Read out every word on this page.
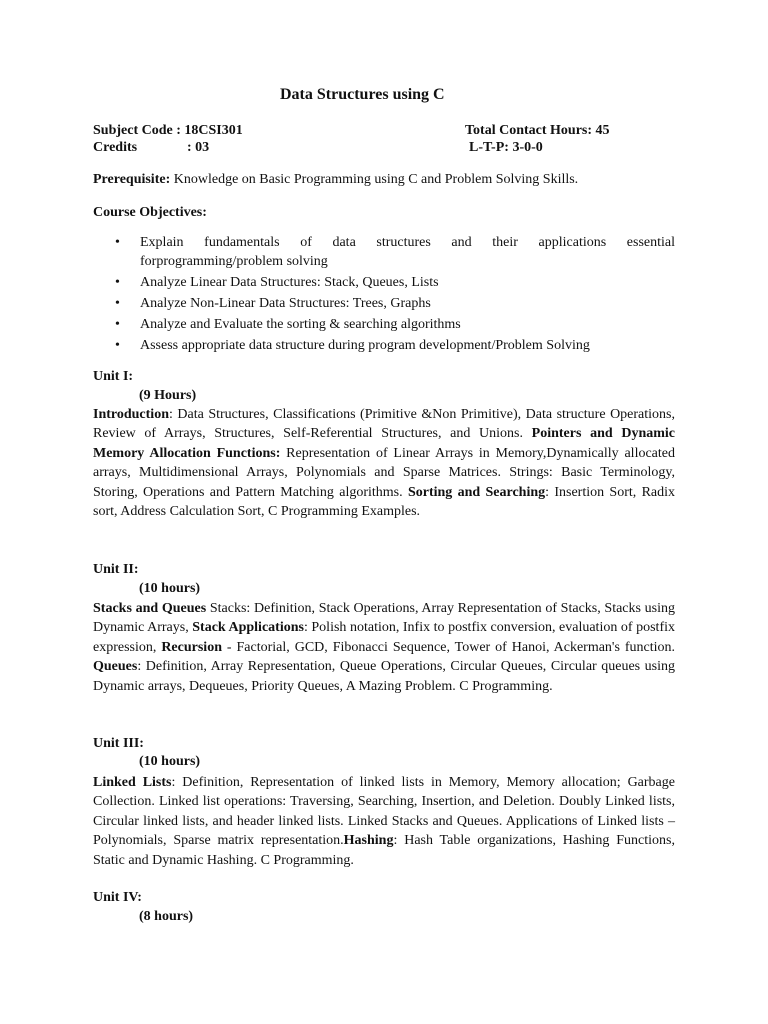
Data Structures using C
Subject Code : 18CSI301
Credits	: 03
Total Contact Hours: 45
L-T-P: 3-0-0
Prerequisite: Knowledge on Basic Programming using C and Problem Solving Skills.
Course Objectives:
• Explain fundamentals of data structures and their applications essential forprogramming/problem solving
• Analyze Linear Data Structures: Stack, Queues, Lists
• Analyze Non-Linear Data Structures: Trees, Graphs
• Analyze and Evaluate the sorting & searching algorithms
• Assess appropriate data structure during program development/Problem Solving
Unit I:
(9 Hours)
Introduction: Data Structures, Classifications (Primitive &Non Primitive), Data structure Operations, Review of Arrays, Structures, Self-Referential Structures, and Unions. Pointers and Dynamic Memory Allocation Functions: Representation of Linear Arrays in Memory,Dynamically allocated arrays, Multidimensional Arrays, Polynomials and Sparse Matrices. Strings: Basic Terminology, Storing, Operations and Pattern Matching algorithms. Sorting and Searching: Insertion Sort, Radix sort, Address Calculation Sort, C Programming Examples.
Unit II:
(10 hours)
Stacks and Queues Stacks: Definition, Stack Operations, Array Representation of Stacks, Stacks using Dynamic Arrays, Stack Applications: Polish notation, Infix to postfix conversion, evaluation of postfix expression, Recursion - Factorial, GCD, Fibonacci Sequence, Tower of Hanoi, Ackerman's function. Queues: Definition, Array Representation, Queue Operations, Circular Queues, Circular queues using Dynamic arrays, Dequeues, Priority Queues, A Mazing Problem. C Programming.
Unit III:
(10 hours)
Linked Lists: Definition, Representation of linked lists in Memory, Memory allocation; Garbage Collection. Linked list operations: Traversing, Searching, Insertion, and Deletion. Doubly Linked lists, Circular linked lists, and header linked lists. Linked Stacks and Queues. Applications of Linked lists – Polynomials, Sparse matrix representation.Hashing: Hash Table organizations, Hashing Functions, Static and Dynamic Hashing. C Programming.
Unit IV:
(8 hours)
